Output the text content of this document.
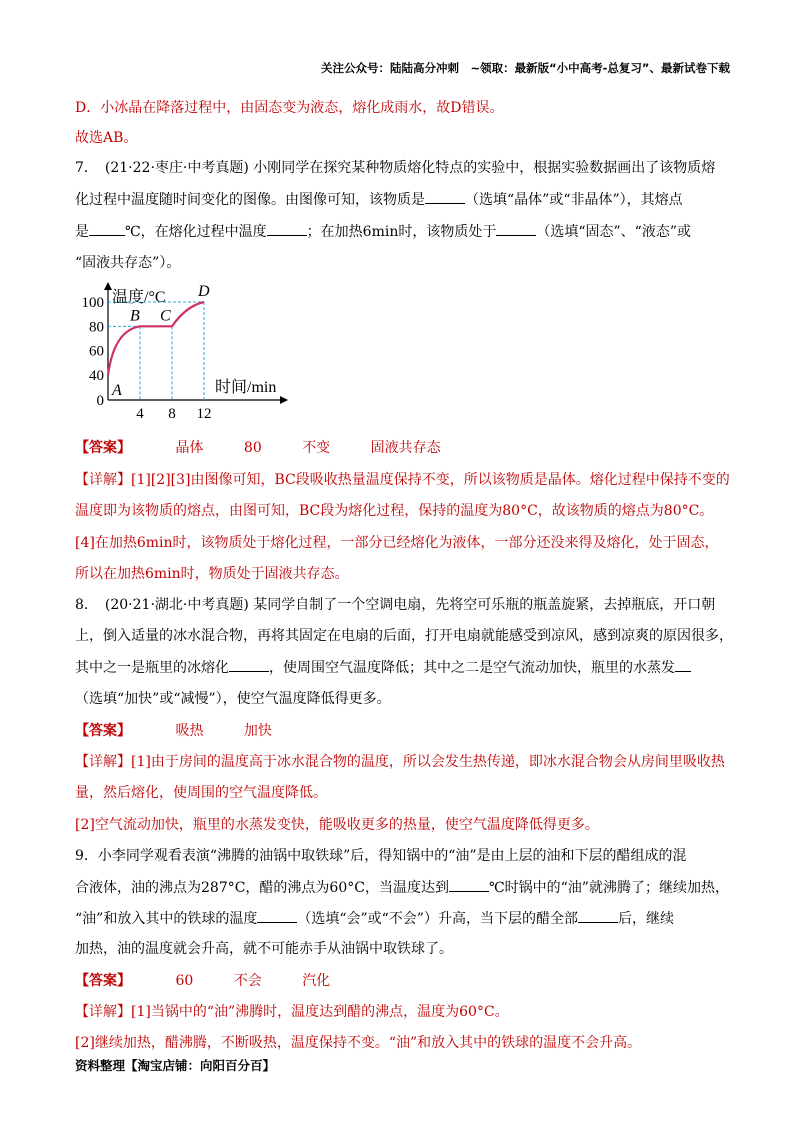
关注公众号：陆陆高分冲刺　~领取：最新版“小中高考-总复习”、最新试卷下载
D．小冰晶在降落过程中，由固态变为液态，熔化成雨水，故D错误。
故选AB。
7．　(21·22·枣庄·中考真题) 小刚同学在探究某种物质熔化特点的实验中，根据实验数据画出了该物质熔
化过程中温度随时间变化的图像。由图像可知，该物质是	（选填“晶体”或“非晶体”），其熔点
是	℃，在熔化过程中温度	；在加热6min时，该物质处于	（选填“固态”、“液态”或
“固液共存态”）。
温度/°C
时间/min
0
40
60
80
100
4 8 12
A
B C
D
【答案】	晶体	80	不变	固液共存态
【详解】[1][2][3]由图像可知，BC段吸收热量温度保持不变，所以该物质是晶体。熔化过程中保持不变的
温度即为该物质的熔点，由图可知，BC段为熔化过程，保持的温度为80°C，故该物质的熔点为80°C。
[4]在加热6min时，该物质处于熔化过程，一部分已经熔化为液体，一部分还没来得及熔化，处于固态，
所以在加热6min时，物质处于固液共存态。
8．　(20·21·湖北·中考真题) 某同学自制了一个空调电扇，先将空可乐瓶的瓶盖旋紧，去掉瓶底，开口朝
上，倒入适量的冰水混合物，再将其固定在电扇的后面，打开电扇就能感受到凉风，感到凉爽的原因很多，
其中之一是瓶里的冰熔化	，使周围空气温度降低；其中之二是空气流动加快，瓶里的水蒸发
（选填“加快”或“减慢”），使空气温度降低得更多。
【答案】	吸热	加快
【详解】[1]由于房间的温度高于冰水混合物的温度，所以会发生热传递，即冰水混合物会从房间里吸收热
量，然后熔化，使周围的空气温度降低。
[2]空气流动加快，瓶里的水蒸发变快，能吸收更多的热量，使空气温度降低得更多。
9．小李同学观看表演“沸腾的油锅中取铁球”后，得知锅中的“油”是由上层的油和下层的醋组成的混
合液体，油的沸点为287°C，醋的沸点为60°C，当温度达到	℃时锅中的“油”就沸腾了；继续加热，
“油”和放入其中的铁球的温度	（选填“会”或“不会”）升高，当下层的醋全部	后，继续
加热，油的温度就会升高，就不可能赤手从油锅中取铁球了。
【答案】	60	不会	汽化
【详解】[1]当锅中的“油”沸腾时，温度达到醋的沸点，温度为60°C。
[2]继续加热，醋沸腾，不断吸热，温度保持不变。“油”和放入其中的铁球的温度不会升高。
资料整理【淘宝店铺：向阳百分百】
